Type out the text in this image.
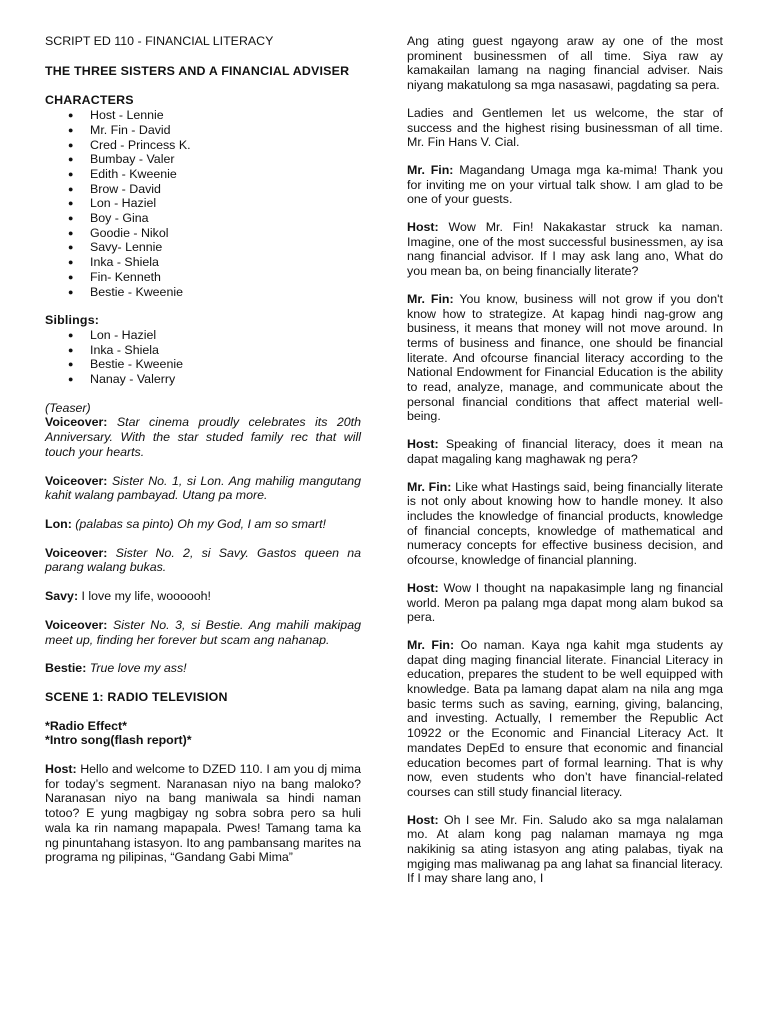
SCRIPT ED 110 - FINANCIAL LITERACY

THE THREE SISTERS AND A FINANCIAL ADVISER

CHARACTERS

● Host - Lennie
● Mr. Fin - David
● Cred - Princess K.
● Bumbay - Valer
● Edith - Kweenie
● Brow - David
● Lon - Haziel
● Boy - Gina
● Goodie - Nikol
● Savy- Lennie
● Inka - Shiela
● Fin- Kenneth
● Bestie - Kweenie

Siblings:

● Lon - Haziel
● Inka - Shiela
● Bestie - Kweenie
● Nanay - Valerry

(Teaser)

Voiceover: Star cinema proudly celebrates its 20th Anniversary. With the star studed family rec that will touch your hearts.

Voiceover: Sister No. 1, si Lon. Ang mahilig mangutang kahit walang pambayad. Utang pa more.

Lon: (palabas sa pinto) Oh my God, I am so smart!

Voiceover: Sister No. 2, si Savy. Gastos queen na parang walang bukas.

Savy: I love my life, woooooh!

Voiceover: Sister No. 3, si Bestie. Ang mahili makipag meet up, finding her forever but scam ang nahanap.

Bestie: True love my ass!

SCENE 1: RADIO TELEVISION

*Radio Effect*

*Intro song(flash report)*

Host: Hello and welcome to DZED 110. I am you dj mima for today’s segment. Naranasan niyo na bang maloko? Naranasan niyo na bang maniwala sa hindi naman totoo? E yung magbigay ng sobra sobra pero sa huli wala ka rin namang mapapala. Pwes! Tamang tama ka ng pinuntahang istasyon. Ito ang pambansang marites na programa ng pilipinas, “Gandang Gabi Mima”

Ang ating guest ngayong araw ay one of the most prominent businessmen of all time. Siya raw ay kamakailan lamang na naging financial adviser. Nais niyang makatulong sa mga nasasawi, pagdating sa pera.

Ladies and Gentlemen let us welcome, the star of success and the highest rising businessman of all time. Mr. Fin Hans V. Cial.

Mr. Fin: Magandang Umaga mga ka-mima! Thank you for inviting me on your virtual talk show. I am glad to be one of your guests.

Host: Wow Mr. Fin! Nakakastar struck ka naman. Imagine, one of the most successful businessmen, ay isa nang financial advisor. If I may ask lang ano, What do you mean ba, on being financially literate?

Mr. Fin: You know, business will not grow if you don't know how to strategize. At kapag hindi nag-grow ang business, it means that money will not move around. In terms of business and finance, one should be financial literate. And ofcourse financial literacy according to the National Endowment for Financial Education is the ability to read, analyze, manage, and communicate about the personal financial conditions that affect material well-being.

Host: Speaking of financial literacy, does it mean na dapat magaling kang maghawak ng pera?

Mr. Fin: Like what Hastings said, being financially literate is not only about knowing how to handle money. It also includes the knowledge of financial products, knowledge of financial concepts, knowledge of mathematical and numeracy concepts for effective business decision, and ofcourse, knowledge of financial planning.

Host: Wow I thought na napakasimple lang ng financial world. Meron pa palang mga dapat mong alam bukod sa pera.

Mr. Fin: Oo naman. Kaya nga kahit mga students ay dapat ding maging financial literate. Financial Literacy in education, prepares the student to be well equipped with knowledge. Bata pa lamang dapat alam na nila ang mga basic terms such as saving, earning, giving, balancing, and investing. Actually, I remember the Republic Act 10922 or the Economic and Financial Literacy Act. It mandates DepEd to ensure that economic and financial education becomes part of formal learning. That is why now, even students who don’t have financial-related courses can still study financial literacy.

Host: Oh I see Mr. Fin. Saludo ako sa mga nalalaman mo. At alam kong pag nalaman mamaya ng mga nakikinig sa ating istasyon ang ating palabas, tiyak na mgiging mas maliwanag pa ang lahat sa financial literacy. If I may share lang ano, I
